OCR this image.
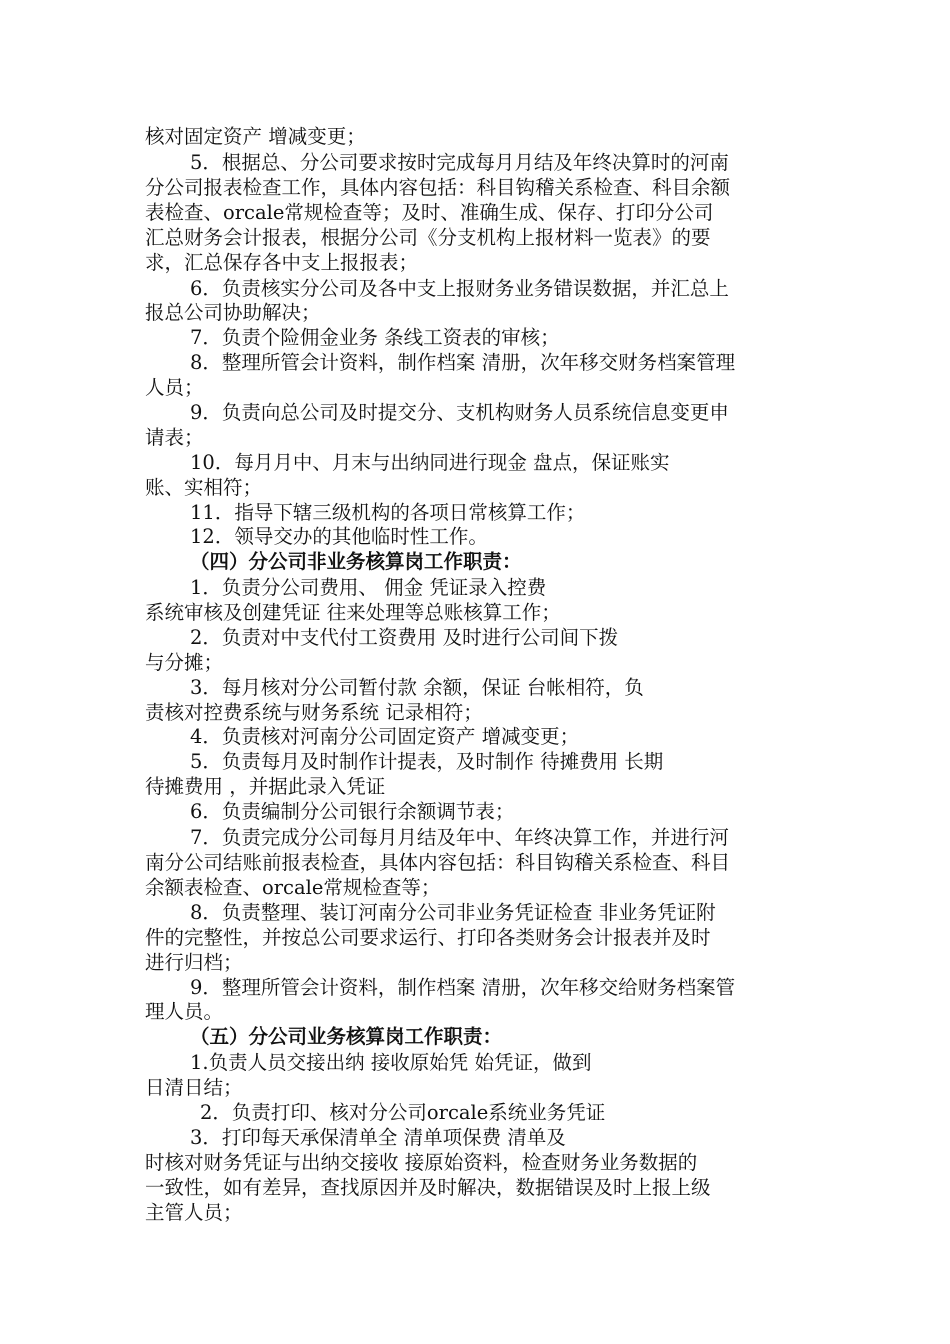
核对固定资产 增减变更；
5．根据总、分公司要求按时完成每月月结及年终决算时的河南
分公司报表检查工作，具体内容包括：科目钩稽关系检查、科目余额
表检查、orcale常规检查等；及时、准确生成、保存、打印分公司
汇总财务会计报表，根据分公司《分支机构上报材料一览表》的要
求，汇总保存各中支上报报表；
6．负责核实分公司及各中支上报财务业务错误数据，并汇总上
报总公司协助解决；
7．负责个险佣金业务 条线工资表的审核；
8．整理所管会计资料，制作档案 清册，次年移交财务档案管理
人员；
9．负责向总公司及时提交分、支机构财务人员系统信息变更申
请表；
10．每月月中、月末与出纳同进行现金 盘点，保证账实
账、实相符；
11．指导下辖三级机构的各项日常核算工作；
12．领导交办的其他临时性工作。
（四）分公司非业务核算岗工作职责：
1．负责分公司费用、 佣金 凭证录入控费
系统审核及创建凭证 往来处理等总账核算工作；
2．负责对中支代付工资费用 及时进行公司间下拨
与分摊；
3．每月核对分公司暂付款 余额，保证 台帐相符，负
责核对控费系统与财务系统 记录相符；
4．负责核对河南分公司固定资产 增减变更；
5．负责每月及时制作计提表，及时制作 待摊费用 长期
待摊费用 ，并据此录入凭证
6．负责编制分公司银行余额调节表；
7．负责完成分公司每月月结及年中、年终决算工作，并进行河
南分公司结账前报表检查，具体内容包括：科目钩稽关系检查、科目
余额表检查、orcale常规检查等；
8．负责整理、装订河南分公司非业务凭证检查 非业务凭证附
件的完整性，并按总公司要求运行、打印各类财务会计报表并及时
进行归档；
9．整理所管会计资料，制作档案 清册，次年移交给财务档案管
理人员。
（五）分公司业务核算岗工作职责：
1.负责人员交接出纳 接收原始凭 始凭证，做到
日清日结；
2．负责打印、核对分公司orcale系统业务凭证
3．打印每天承保清单全 清单项保费 清单及
时核对财务凭证与出纳交接收 接原始资料，检查财务业务数据的
一致性，如有差异，查找原因并及时解决，数据错误及时上报上级
主管人员；
